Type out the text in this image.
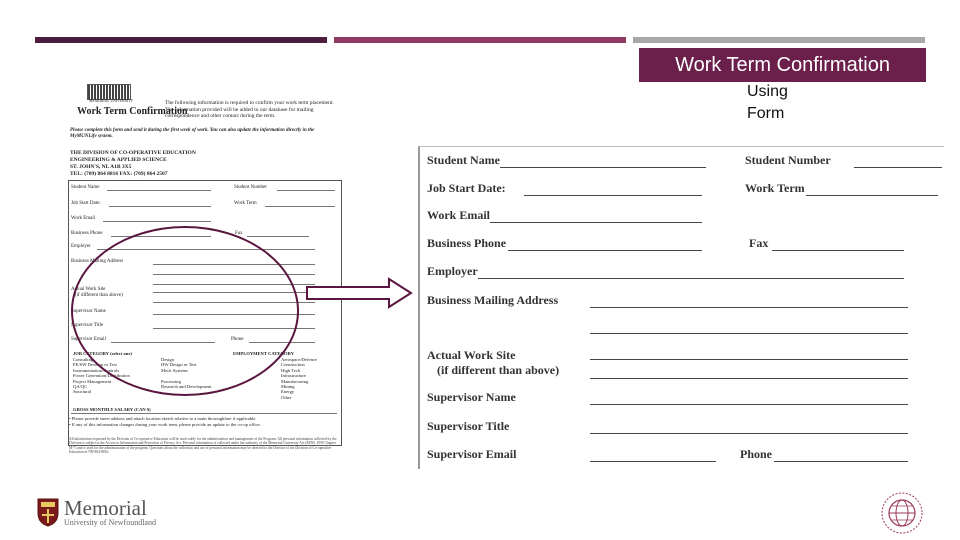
Work Term Confirmation
Using
Form
MEMORIAL UNIVERSITY
Work Term Confirmation
The following information is required to confirm your work term placement. The information provided will be added to our database for mailing correspondence and other contact during the term.
Please complete this form and send it during the first week of work. You can also update the information directly in the MyMUNLife system.
THE DIVISION OF CO-OPERATIVE EDUCATION
ENGINEERING & APPLIED SCIENCE
ST. JOHN'S, NL A1B 3X5
TEL: (709) 864 8816 FAX: (709) 864 2507
Student Name	Student Number
Job Start Date:	Work Term
Work Email
Business Phone	Fax
Employer
Business Mailing Address
Actual Work Site
(if different than above)
Supervisor Name
Supervisor Title
Supervisor Email	Phone
JOB CATEGORY (select one)	EMPLOYMENT CATEGORY
Consulting
FE/SW Develop or Test
Instrumentation/Controls
Power Generation/Distribution
Project Management
QA/QC
Structural
Design
HW Design or Test
Mech Systems
Processing
Research and Development
Aerospace/Defence
Construction
High Tech
Infrastructure
Manufacturing
Mining
Energy
Other
GROSS MONTHLY SALARY (CAN $)
• Please provide street address and attach location sketch relative to a main thoroughfare if applicable
• If any of this information changes during your work term, please provide an update to the co-op office.
All information requested by the Division of Co-operative Education will be used solely for the administration and management of the Program. All personal information collected by the Division is subject to the Access to Information and Protection of Privacy Act. Personal information is collected under the authority of the Memorial University Act (RSNL 1990 Chapter M-7) and is used for the administration of the program. Questions about the collection and use of personal information may be directed to the Director of the Division of Co-operative Education at 709-864-8816.
Student Name	Student Number
Job Start Date:	Work Term
Work Email
Business Phone	Fax
Employer
Business Mailing Address
Actual Work Site
(if different than above)
Supervisor Name
Supervisor Title
Supervisor Email	Phone
Memorial
University of Newfoundland
